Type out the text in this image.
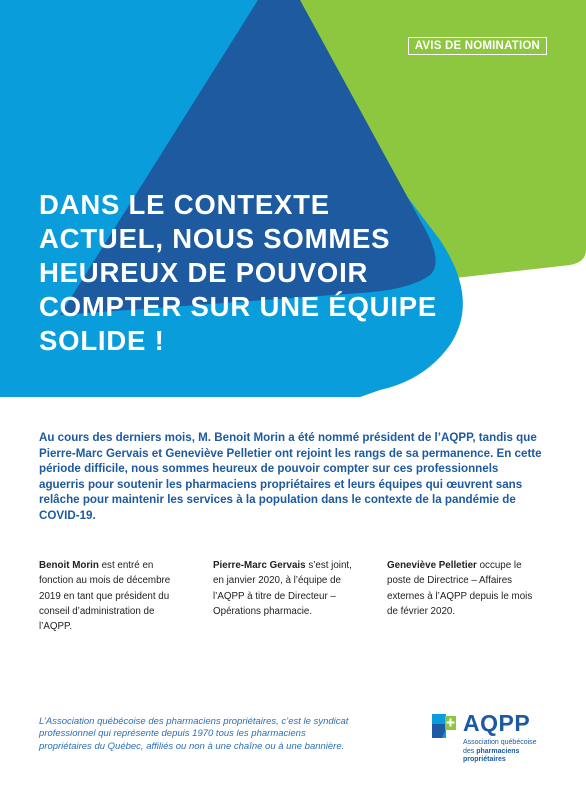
AVIS DE NOMINATION
DANS LE CONTEXTE ACTUEL, NOUS SOMMES HEUREUX DE POUVOIR COMPTER SUR UNE ÉQUIPE SOLIDE !

Au cours des derniers mois, M. Benoit Morin a été nommé président de l’AQPP, tandis que Pierre-Marc Gervais et Geneviève Pelletier ont rejoint les rangs de sa permanence. En cette période difficile, nous sommes heureux de pouvoir compter sur ces professionnels aguerris pour soutenir les pharmaciens propriétaires et leurs équipes qui œuvrent sans relâche pour maintenir les services à la population dans le contexte de la pandémie de COVID-19.

Benoit Morin est entré en fonction au mois de décembre 2019 en tant que président du conseil d’administration de l’AQPP.

Pierre-Marc Gervais s’est joint, en janvier 2020, à l’équipe de l’AQPP à titre de Directeur – Opérations pharmacie.

Geneviève Pelletier occupe le poste de Directrice – Affaires externes à l’AQPP depuis le mois de février 2020.

L’Association québécoise des pharmaciens propriétaires, c’est le syndicat professionnel qui représente depuis 1970 tous les pharmaciens propriétaires du Québec, affiliés ou non à une chaîne ou à une bannière.

AQPP
Association québécoise
des pharmaciens
propriétaires
